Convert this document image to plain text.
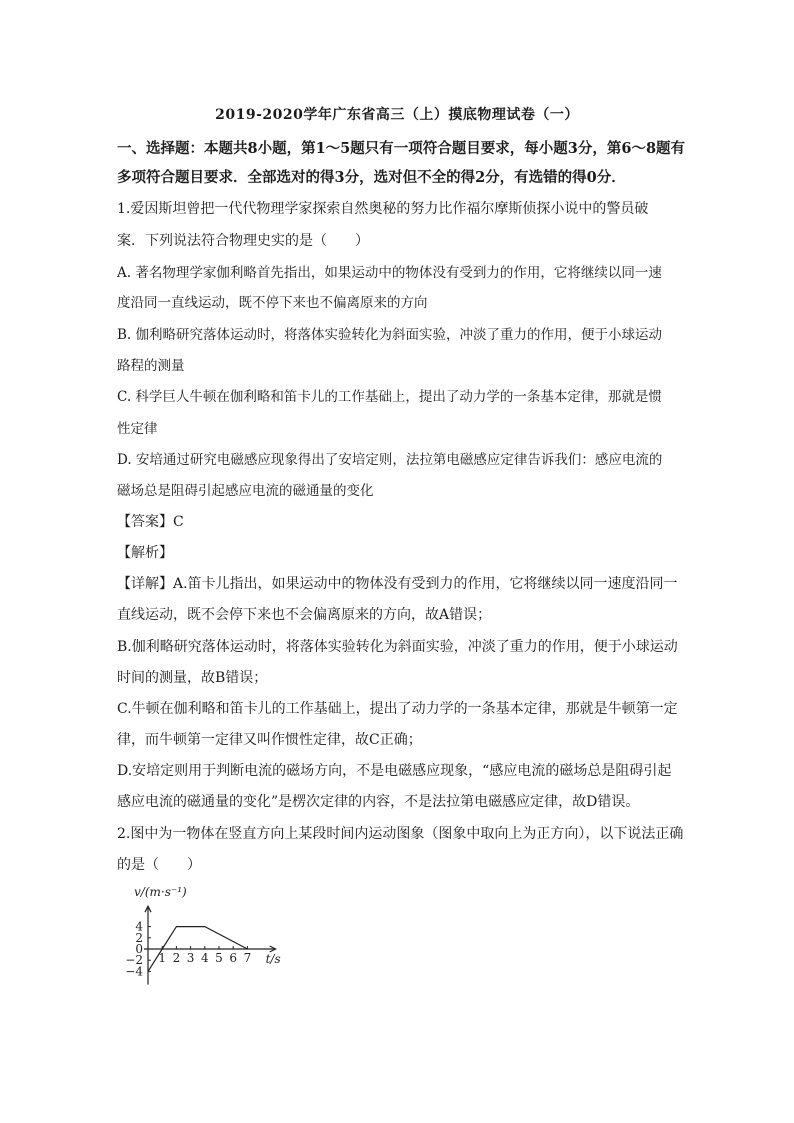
2019-2020学年广东省高三（上）摸底物理试卷（一）
一、选择题：本题共8小题，第1～5题只有一项符合题目要求，每小题3分，第6～8题有
多项符合题目要求．全部选对的得3分，选对但不全的得2分，有选错的得0分．
1.爱因斯坦曾把一代代物理学家探索自然奥秘的努力比作福尔摩斯侦探小说中的警员破
案．下列说法符合物理史实的是（　　）
A. 著名物理学家伽利略首先指出，如果运动中的物体没有受到力的作用，它将继续以同一速
度沿同一直线运动，既不停下来也不偏离原来的方向
B. 伽利略研究落体运动时，将落体实验转化为斜面实验，冲淡了重力的作用，便于小球运动
路程的测量
C. 科学巨人牛顿在伽利略和笛卡儿的工作基础上，提出了动力学的一条基本定律，那就是惯
性定律
D. 安培通过研究电磁感应现象得出了安培定则，法拉第电磁感应定律告诉我们：感应电流的
磁场总是阻碍引起感应电流的磁通量的变化
【答案】C
【解析】
【详解】A.笛卡儿指出，如果运动中的物体没有受到力的作用，它将继续以同一速度沿同一
直线运动，既不会停下来也不会偏离原来的方向，故A错误；
B.伽利略研究落体运动时，将落体实验转化为斜面实验，冲淡了重力的作用，便于小球运动
时间的测量，故B错误；
C.牛顿在伽利略和笛卡儿的工作基础上，提出了动力学的一条基本定律，那就是牛顿第一定
律，而牛顿第一定律又叫作惯性定律，故C正确；
D.安培定则用于判断电流的磁场方向，不是电磁感应现象，“感应电流的磁场总是阻碍引起
感应电流的磁通量的变化”是楞次定律的内容，不是法拉第电磁感应定律，故D错误。
2.图中为一物体在竖直方向上某段时间内运动图象（图象中取向上为正方向），以下说法正确
的是（　　）
1 2 3 4 5 6 7
4
2
0
−2
−4
v/(m·s⁻¹)
t/s
